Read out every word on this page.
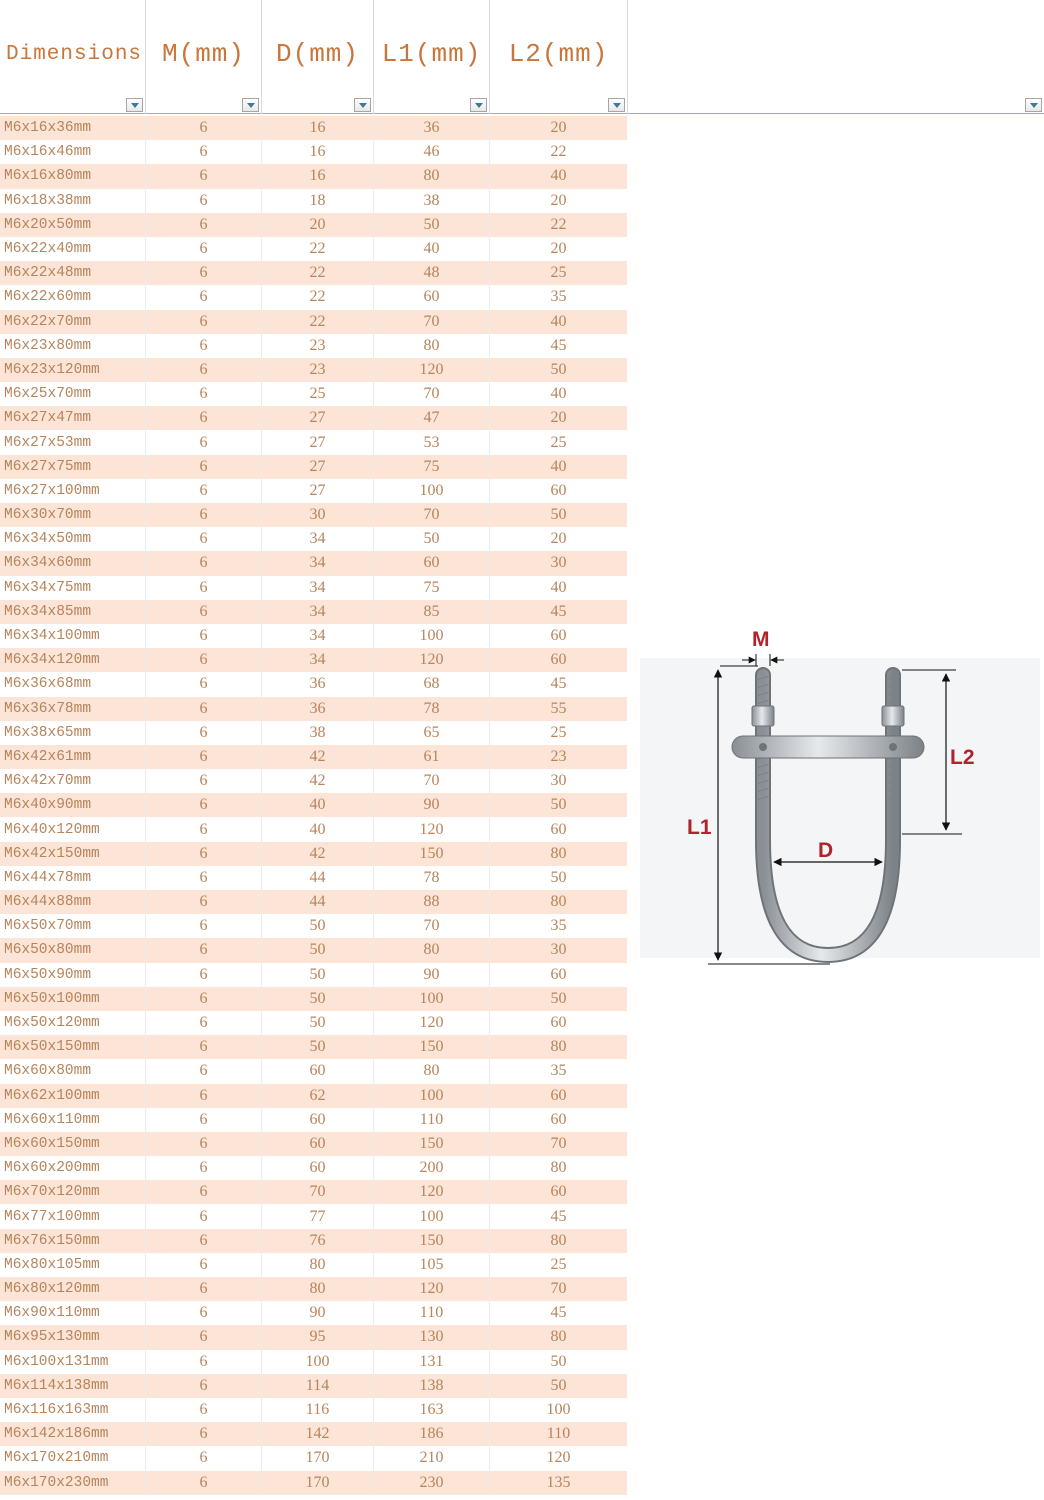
Dimensions M(mm) D(mm) L1(mm) L2(mm)
M6x16x36mm	6	16	36	20
M6x16x46mm	6	16	46	22
M6x16x80mm	6	16	80	40
M6x18x38mm	6	18	38	20
M6x20x50mm	6	20	50	22
M6x22x40mm	6	22	40	20
M6x22x48mm	6	22	48	25
M6x22x60mm	6	22	60	35
M6x22x70mm	6	22	70	40
M6x23x80mm	6	23	80	45
M6x23x120mm	6	23	120	50
M6x25x70mm	6	25	70	40
M6x27x47mm	6	27	47	20
M6x27x53mm	6	27	53	25
M6x27x75mm	6	27	75	40
M6x27x100mm	6	27	100	60
M6x30x70mm	6	30	70	50
M6x34x50mm	6	34	50	20
M6x34x60mm	6	34	60	30
M6x34x75mm	6	34	75	40
M6x34x85mm	6	34	85	45
M6x34x100mm	6	34	100	60
M6x34x120mm	6	34	120	60
M6x36x68mm	6	36	68	45
M6x36x78mm	6	36	78	55
M6x38x65mm	6	38	65	25
M6x42x61mm	6	42	61	23
M6x42x70mm	6	42	70	30
M6x40x90mm	6	40	90	50
M6x40x120mm	6	40	120	60
M6x42x150mm	6	42	150	80
M6x44x78mm	6	44	78	50
M6x44x88mm	6	44	88	80
M6x50x70mm	6	50	70	35
M6x50x80mm	6	50	80	30
M6x50x90mm	6	50	90	60
M6x50x100mm	6	50	100	50
M6x50x120mm	6	50	120	60
M6x50x150mm	6	50	150	80
M6x60x80mm	6	60	80	35
M6x62x100mm	6	62	100	60
M6x60x110mm	6	60	110	60
M6x60x150mm	6	60	150	70
M6x60x200mm	6	60	200	80
M6x70x120mm	6	70	120	60
M6x77x100mm	6	77	100	45
M6x76x150mm	6	76	150	80
M6x80x105mm	6	80	105	25
M6x80x120mm	6	80	120	70
M6x90x110mm	6	90	110	45
M6x95x130mm	6	95	130	80
M6x100x131mm	6	100	131	50
M6x114x138mm	6	114	138	50
M6x116x163mm	6	116	163	100
M6x142x186mm	6	142	186	110
M6x170x210mm	6	170	210	120
M6x170x230mm	6	170	230	135
M
L1
L2
D
